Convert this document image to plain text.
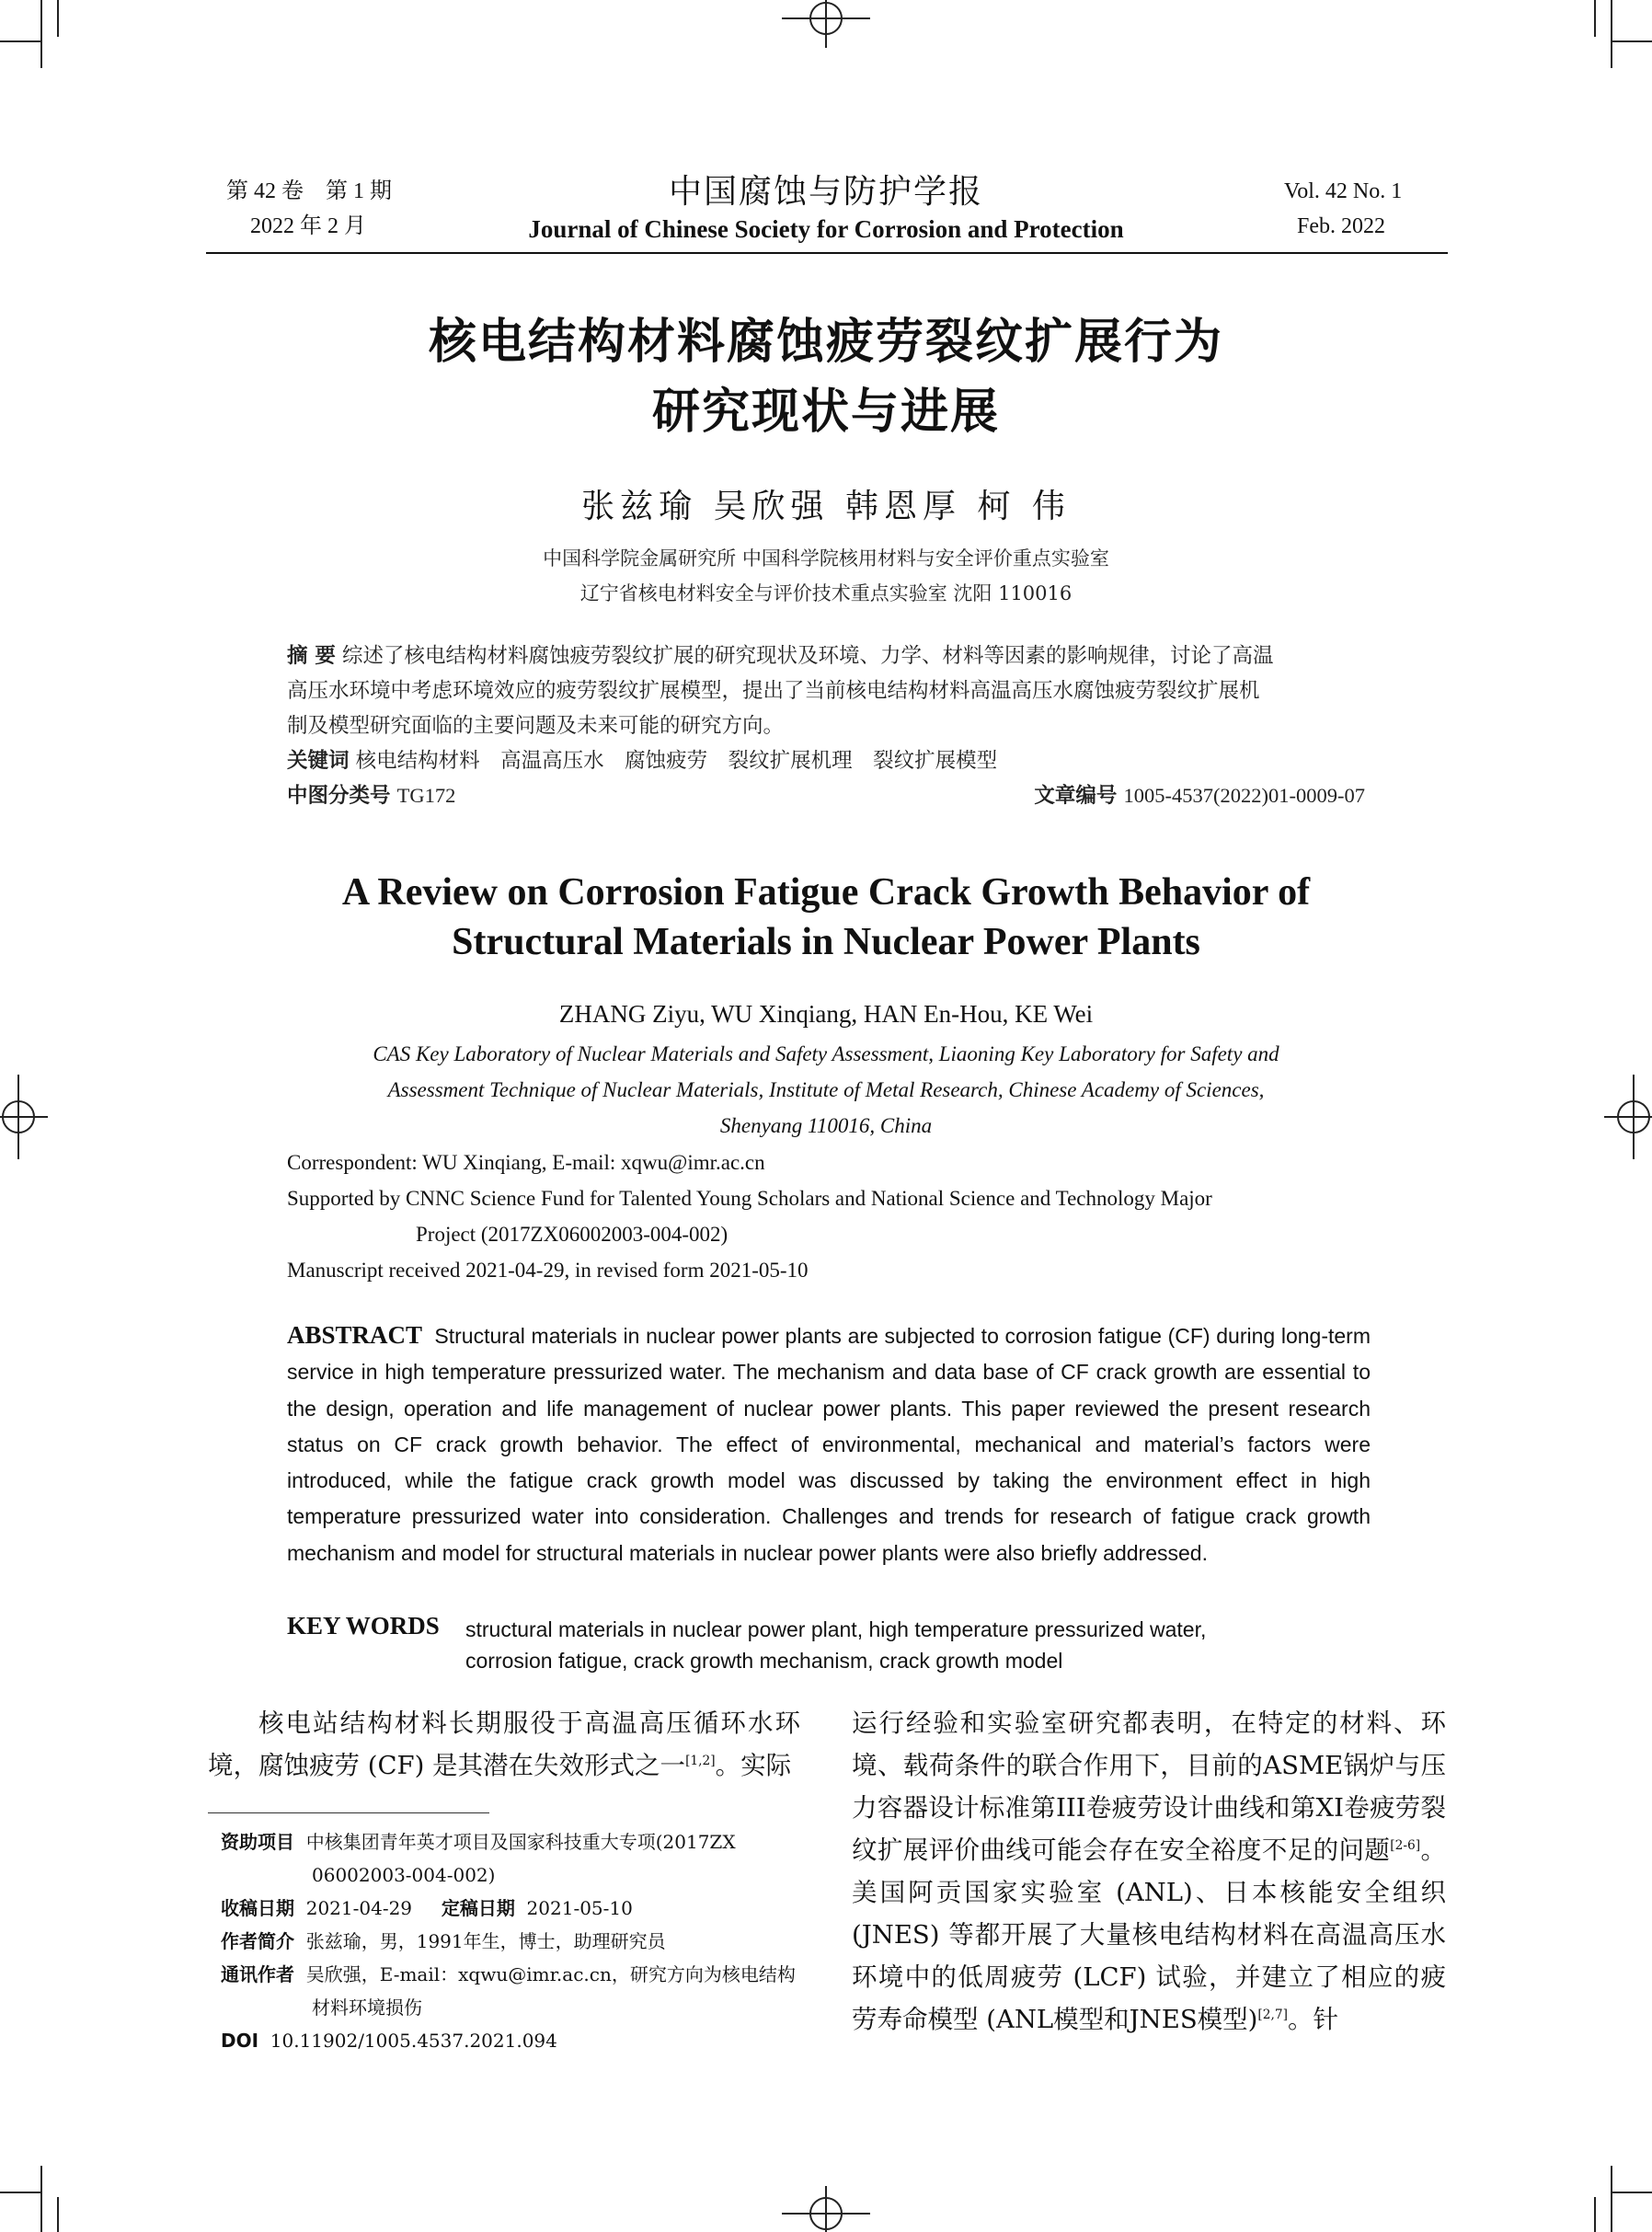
第 42 卷　第 1 期
2022 年 2 月
中国腐蚀与防护学报
Journal of Chinese Society for Corrosion and Protection
Vol. 42 No. 1
Feb. 2022
核电结构材料腐蚀疲劳裂纹扩展行为
研究现状与进展
张兹瑜 吴欣强 韩恩厚 柯 伟
中国科学院金属研究所 中国科学院核用材料与安全评价重点实验室
辽宁省核电材料安全与评价技术重点实验室 沈阳 110016
摘 要 综述了核电结构材料腐蚀疲劳裂纹扩展的研究现状及环境、力学、材料等因素的影响规律，讨论了高温
高压水环境中考虑环境效应的疲劳裂纹扩展模型，提出了当前核电结构材料高温高压水腐蚀疲劳裂纹扩展机
制及模型研究面临的主要问题及未来可能的研究方向。
关键词 核电结构材料　高温高压水　腐蚀疲劳　裂纹扩展机理　裂纹扩展模型
中图分类号 TG172	文章编号 1005-4537(2022)01-0009-07
A Review on Corrosion Fatigue Crack Growth Behavior of
Structural Materials in Nuclear Power Plants
ZHANG Ziyu, WU Xinqiang, HAN En-Hou, KE Wei
CAS Key Laboratory of Nuclear Materials and Safety Assessment, Liaoning Key Laboratory for Safety and
Assessment Technique of Nuclear Materials, Institute of Metal Research, Chinese Academy of Sciences,
Shenyang 110016, China
Correspondent: WU Xinqiang, E-mail: xqwu@imr.ac.cn
Supported by CNNC Science Fund for Talented Young Scholars and National Science and Technology Major
Project (2017ZX06002003-004-002)
Manuscript received 2021-04-29, in revised form 2021-05-10
ABSTRACT Structural materials in nuclear power plants are subjected to corrosion fatigue (CF) during long-term service in high temperature pressurized water. The mechanism and data base of CF crack growth are essential to the design, operation and life management of nuclear power plants. This paper reviewed the present research status on CF crack growth behavior. The effect of environmental, mechanical and material’s factors were introduced, while the fatigue crack growth model was discussed by taking the environment effect in high temperature pressurized water into consideration. Challenges and trends for research of fatigue crack growth mechanism and model for structural materials in nuclear power plants were also briefly addressed.
KEY WORDS structural materials in nuclear power plant, high temperature pressurized water,
corrosion fatigue, crack growth mechanism, crack growth model
核电站结构材料长期服役于高温高压循环水环境，腐蚀疲劳 (CF) 是其潜在失效形式之一[1,2]。实际
资助项目 中核集团青年英才项目及国家科技重大专项(2017ZX
06002003-004-002)
收稿日期 2021-04-29 定稿日期 2021-05-10
作者简介 张兹瑜，男，1991年生，博士，助理研究员
通讯作者 吴欣强，E-mail：xqwu@imr.ac.cn，研究方向为核电结构
材料环境损伤
DOI 10.11902/1005.4537.2021.094
运行经验和实验室研究都表明，在特定的材料、环境、载荷条件的联合作用下，目前的ASME锅炉与压力容器设计标准第III卷疲劳设计曲线和第XI卷疲劳裂纹扩展评价曲线可能会存在安全裕度不足的问题[2-6]。美国阿贡国家实验室 (ANL)、日本核能安全组织 (JNES) 等都开展了大量核电结构材料在高温高压水环境中的低周疲劳 (LCF) 试验，并建立了相应的疲劳寿命模型 (ANL模型和JNES模型)[2,7]。针
